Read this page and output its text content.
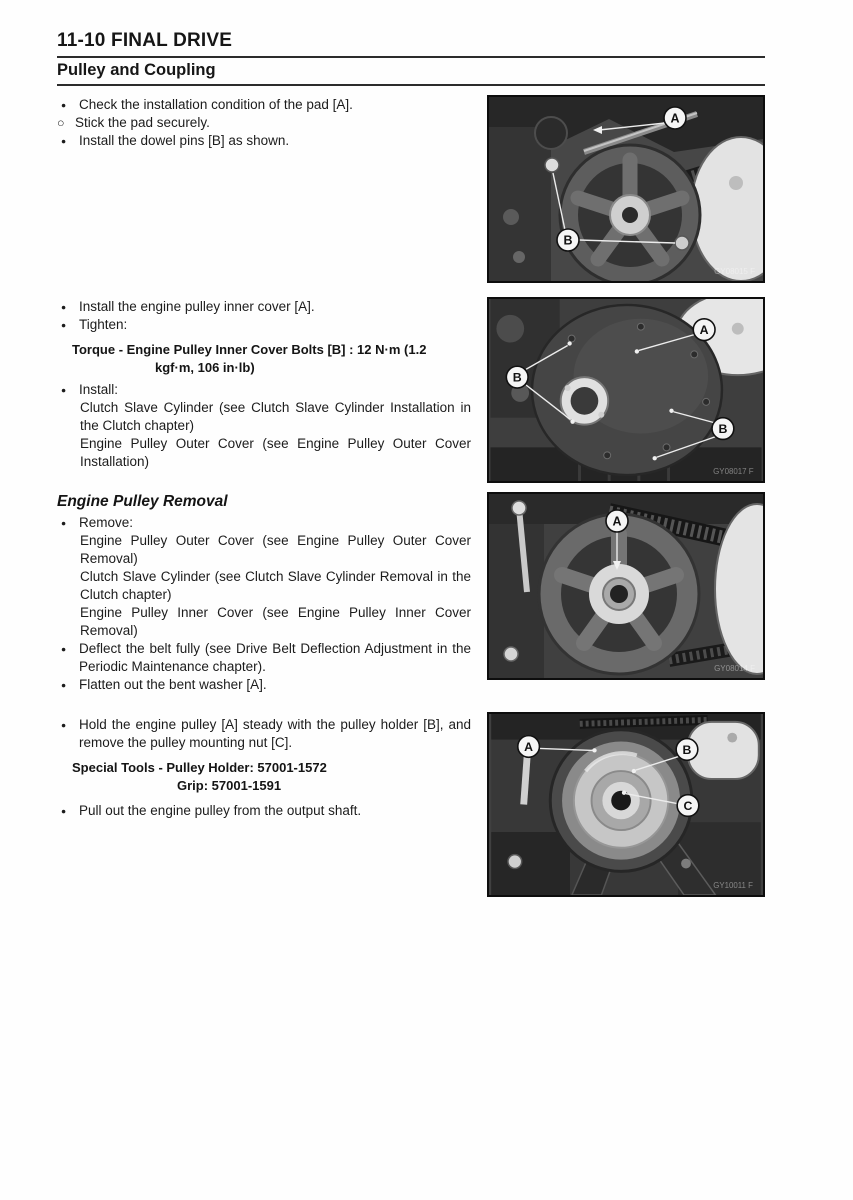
11-10 FINAL DRIVE
Pulley and Coupling
● Check the installation condition of the pad [A].
○ Stick the pad securely.
● Install the dowel pins [B] as shown.
● Install the engine pulley inner cover [A].
● Tighten:
Torque - Engine Pulley Inner Cover Bolts [B] : 12 N·m (1.2
kgf·m, 106 in·lb)
● Install:
Clutch Slave Cylinder (see Clutch Slave Cylinder Installation in the Clutch chapter)
Engine Pulley Outer Cover (see Engine Pulley Outer Cover Installation)
Engine Pulley Removal
● Remove:
Engine Pulley Outer Cover (see Engine Pulley Outer Cover Removal)
Clutch Slave Cylinder (see Clutch Slave Cylinder Removal in the Clutch chapter)
Engine Pulley Inner Cover (see Engine Pulley Inner Cover Removal)
● Deflect the belt fully (see Drive Belt Deflection Adjustment in the Periodic Maintenance chapter).
● Flatten out the bent washer [A].
● Hold the engine pulley [A] steady with the pulley holder [B], and remove the pulley mounting nut [C].
Special Tools - Pulley Holder: 57001-1572
Grip: 57001-1591
● Pull out the engine pulley from the output shaft.
A
B
GY08015 F
A
B
B
GY08017 F
A
GY08014 F
A	B
C
GY10011 F
